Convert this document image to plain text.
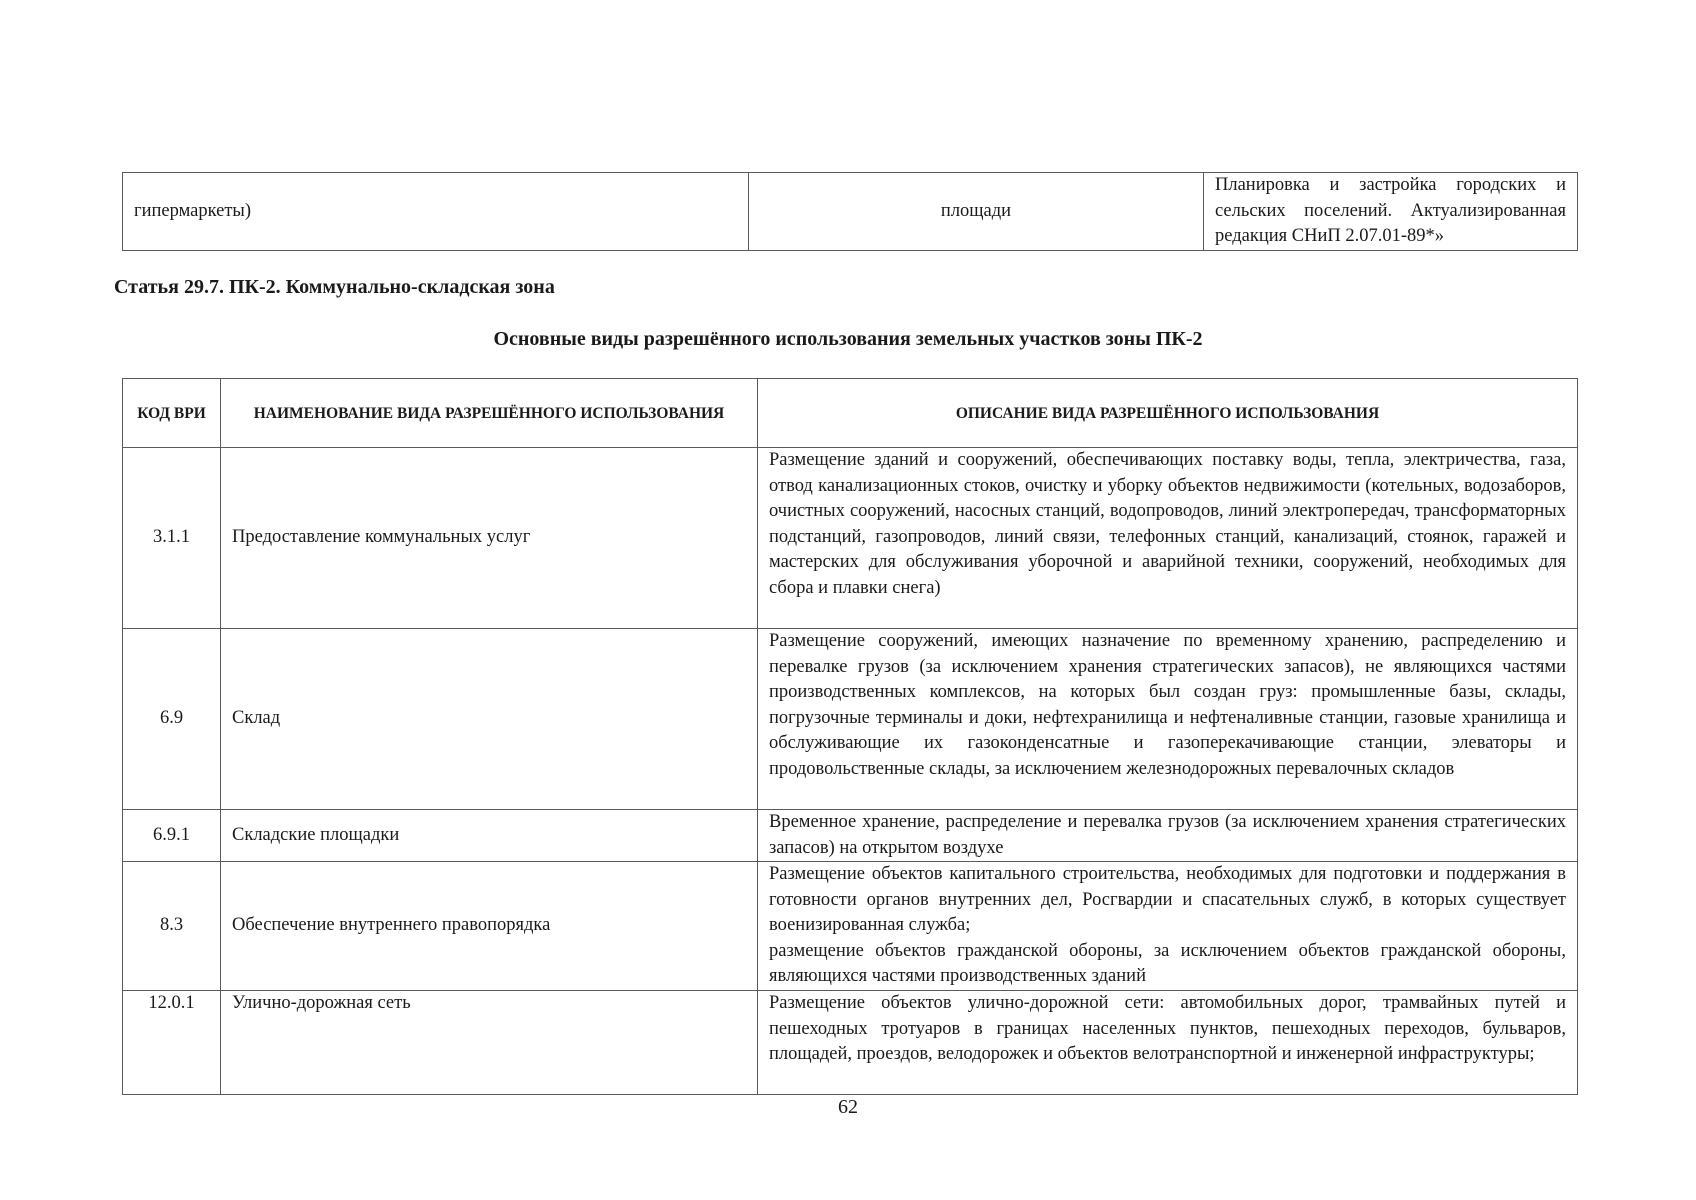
гипермаркеты)	площади	Планировка и застройка городских и сельских поселений. Актуализированная редакция СНиП 2.07.01-89*»
Статья 29.7. ПК-2. Коммунально-складская зона
Основные виды разрешённого использования земельных участков зоны ПК-2
КОД ВРИ	НАИМЕНОВАНИЕ ВИДА РАЗРЕШЁННОГО ИСПОЛЬЗОВАНИЯ	ОПИСАНИЕ ВИДА РАЗРЕШЁННОГО ИСПОЛЬЗОВАНИЯ
3.1.1	Предоставление коммунальных услуг	Размещение зданий и сооружений, обеспечивающих поставку воды, тепла, электричества, газа, отвод канализационных стоков, очистку и уборку объектов недвижимости (котельных, водозаборов, очистных сооружений, насосных станций, водопроводов, линий электропередач, трансформаторных подстанций, газопроводов, линий связи, телефонных станций, канализаций, стоянок, гаражей и мастерских для обслуживания уборочной и аварийной техники, сооружений, необходимых для сбора и плавки снега)
6.9	Склад	Размещение сооружений, имеющих назначение по временному хранению, распределению и перевалке грузов (за исключением хранения стратегических запасов), не являющихся частями производственных комплексов, на которых был создан груз: промышленные базы, склады, погрузочные терминалы и доки, нефтехранилища и нефтеналивные станции, газовые хранилища и обслуживающие их газоконденсатные и газоперекачивающие станции, элеваторы и продовольственные склады, за исключением железнодорожных перевалочных складов
6.9.1	Складские площадки	Временное хранение, распределение и перевалка грузов (за исключением хранения стратегических запасов) на открытом воздухе
8.3	Обеспечение внутреннего правопорядка	Размещение объектов капитального строительства, необходимых для подготовки и поддержания в готовности органов внутренних дел, Росгвардии и спасательных служб, в которых существует военизированная служба;

размещение объектов гражданской обороны, за исключением объектов гражданской обороны, являющихся частями производственных зданий

12.0.1	Улично-дорожная сеть	Размещение объектов улично-дорожной сети: автомобильных дорог, трамвайных путей и пешеходных тротуаров в границах населенных пунктов, пешеходных переходов, бульваров, площадей, проездов, велодорожек и объектов велотранспортной и инженерной инфраструктуры;
62
